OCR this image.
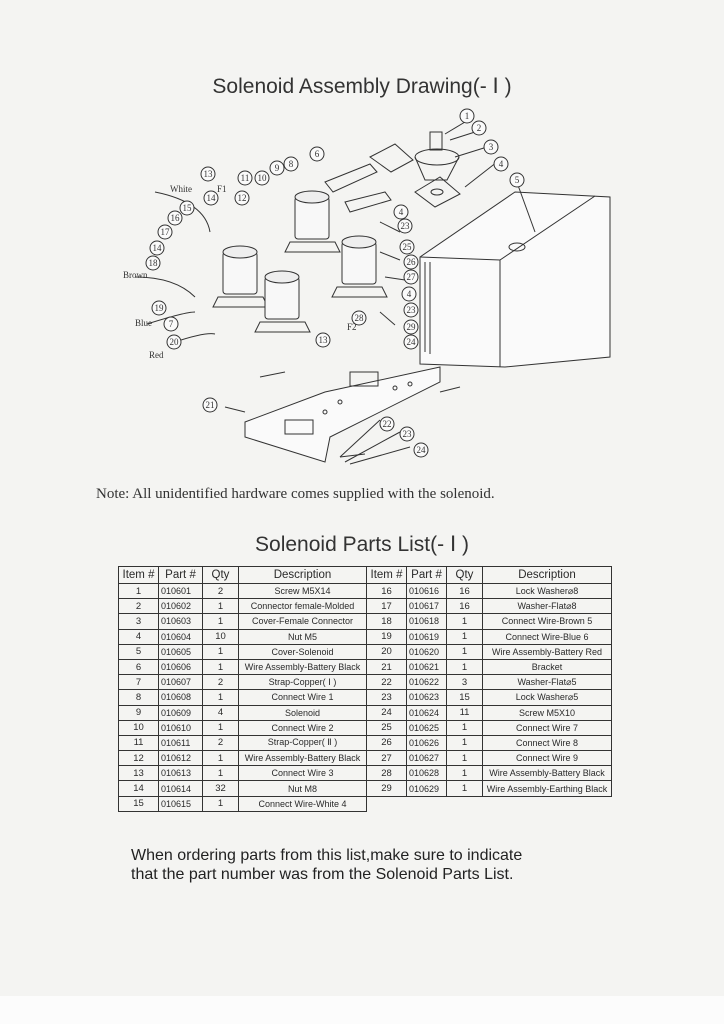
Solenoid Assembly Drawing(- Ⅰ )
1
2
3
4
5
6
7
8
9
10
11
12
13
14
14
15
16
17
18
19
20
21
22
23
24
25
26
27
28
29
4
23
4
23
24
13
White	F1
Brown
Blue
Red
F2
Note: All unidentified hardware comes supplied with the solenoid.
Solenoid Parts List(- Ⅰ )
Item #	Part #	Qty	Description	Item #	Part #	Qty	Description
1	010601	2	Screw M5X14	16	010616	16	Lock Washer⌀8
2	010602	1	Connector female-Molded	17	010617	16	Washer-Flat⌀8
3	010603	1	Cover-Female Connector	18	010618	1	Connect Wire-Brown 5
4	010604	10	Nut M5	19	010619	1	Connect Wire-Blue 6
5	010605	1	Cover-Solenoid	20	010620	1	Wire Assembly-Battery Red
6	010606	1	Wire Assembly-Battery Black	21	010621	1	Bracket
7	010607	2	Strap-Copper( Ⅰ )	22	010622	3	Washer-Flat⌀5
8	010608	1	Connect Wire 1	23	010623	15	Lock Washer⌀5
9	010609	4	Solenoid	24	010624	11	Screw M5X10
10	010610	1	Connect Wire 2	25	010625	1	Connect Wire 7
11	010611	2	Strap-Copper( Ⅱ )	26	010626	1	Connect Wire 8
12	010612	1	Wire Assembly-Battery Black	27	010627	1	Connect Wire 9
13	010613	1	Connect Wire 3	28	010628	1	Wire Assembly-Battery Black
14	010614	32	Nut M8	29	010629	1	Wire Assembly-Earthing Black
15	010615	1	Connect Wire-White 4				
When ordering parts from this list,make sure to indicate
that the part number was from the Solenoid Parts List.
